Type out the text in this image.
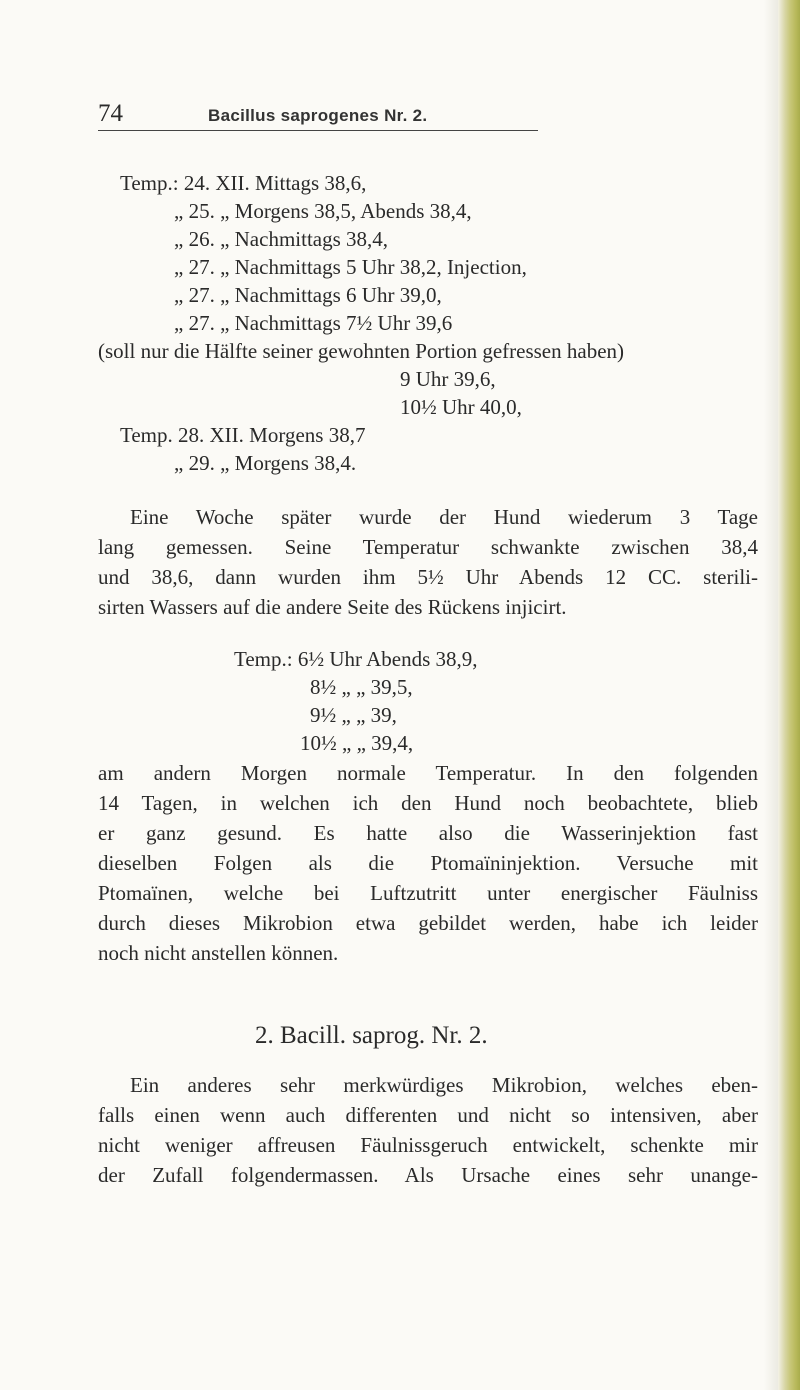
74	Bacillus saprogenes Nr. 2.
Temp.: 24. XII. Mittags 38,6,
„ 25. „ Morgens 38,5, Abends 38,4,
„ 26. „ Nachmittags 38,4,
„ 27. „ Nachmittags 5 Uhr 38,2, Injection,
„ 27. „ Nachmittags 6 Uhr 39,0,
„ 27. „ Nachmittags 7½ Uhr 39,6
(soll nur die Hälfte seiner gewohnten Portion gefressen haben)
9 Uhr 39,6,
10½ Uhr 40,0,
Temp. 28. XII. Morgens 38,7
„ 29. „ Morgens 38,4.
Eine Woche später wurde der Hund wiederum 3 Tage
lang gemessen. Seine Temperatur schwankte zwischen 38,4
und 38,6, dann wurden ihm 5½ Uhr Abends 12 CC. sterili-
sirten Wassers auf die andere Seite des Rückens injicirt.
Temp.: 6½ Uhr Abends 38,9,
8½ „ „ 39,5,
9½ „ „ 39,
10½ „ „ 39,4,
am andern Morgen normale Temperatur. In den folgenden
14 Tagen, in welchen ich den Hund noch beobachtete, blieb
er ganz gesund. Es hatte also die Wasserinjektion fast
dieselben Folgen als die Ptomaïninjektion. Versuche mit
Ptomaïnen, welche bei Luftzutritt unter energischer Fäulniss
durch dieses Mikrobion etwa gebildet werden, habe ich leider
noch nicht anstellen können.
2. Bacill. saprog. Nr. 2.
Ein anderes sehr merkwürdiges Mikrobion, welches eben-
falls einen wenn auch differenten und nicht so intensiven, aber
nicht weniger affreusen Fäulnissgeruch entwickelt, schenkte mir
der Zufall folgendermassen. Als Ursache eines sehr unange-
